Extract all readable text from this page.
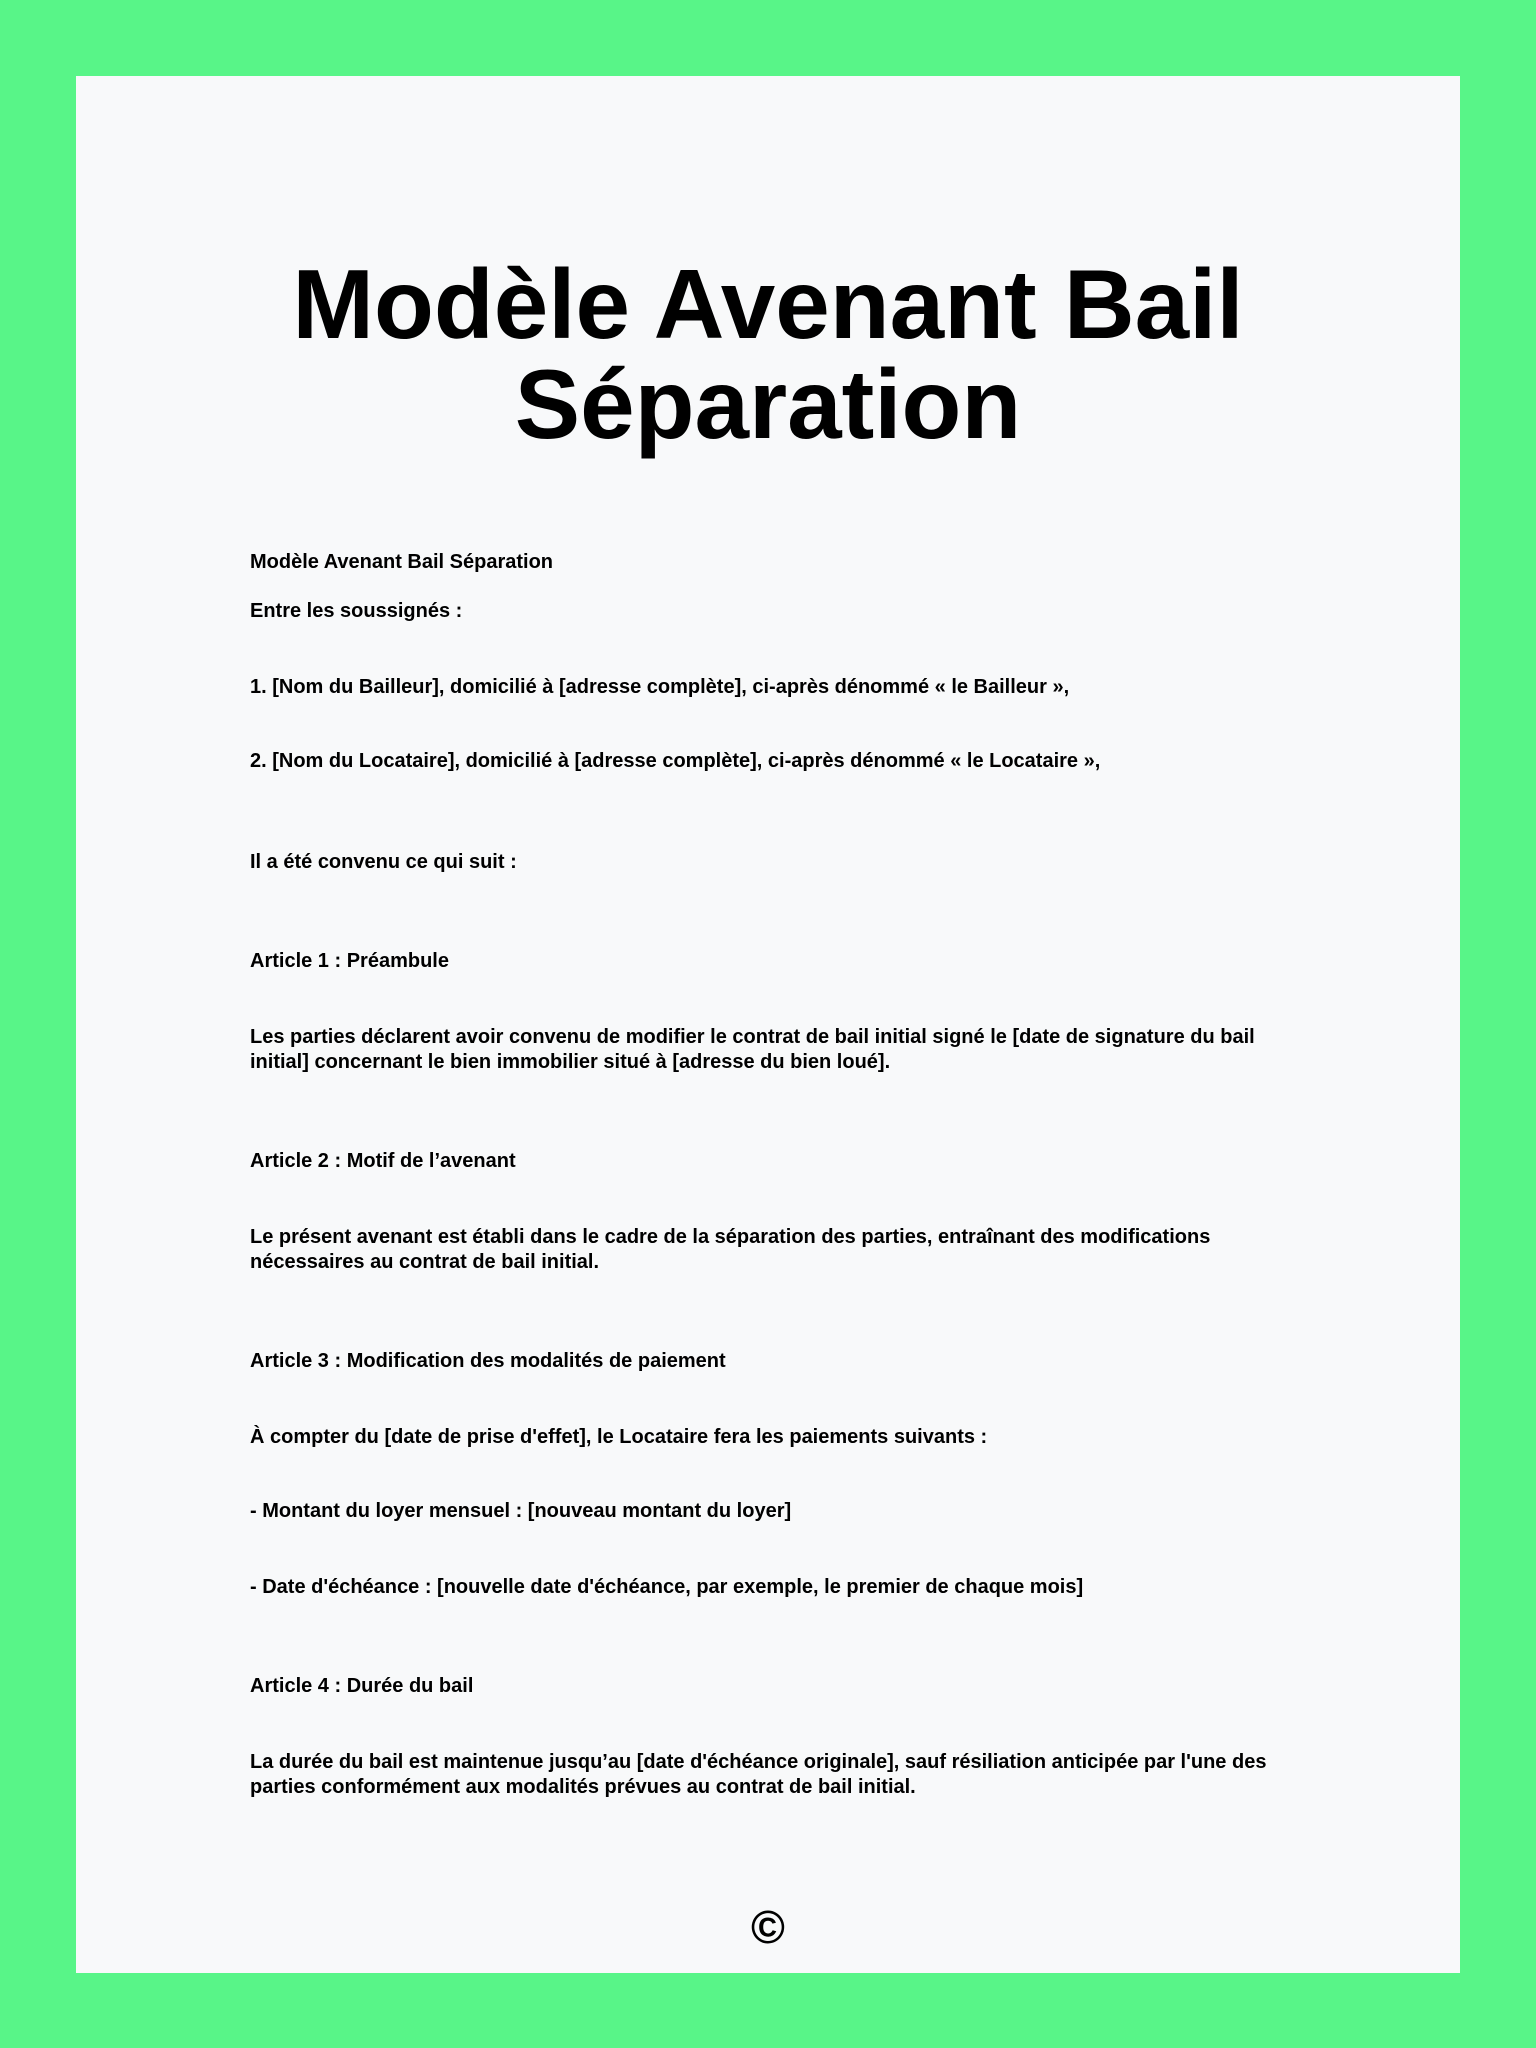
Modèle Avenant Bail
Séparation

Modèle Avenant Bail Séparation

Entre les soussignés :

1. [Nom du Bailleur], domicilié à [adresse complète], ci-après dénommé « le Bailleur »,

2. [Nom du Locataire], domicilié à [adresse complète], ci-après dénommé « le Locataire »,

Il a été convenu ce qui suit :

Article 1 : Préambule

Les parties déclarent avoir convenu de modifier le contrat de bail initial signé le [date de signature du bail initial] concernant le bien immobilier situé à [adresse du bien loué].

Article 2 : Motif de l’avenant

Le présent avenant est établi dans le cadre de la séparation des parties, entraînant des modifications nécessaires au contrat de bail initial.

Article 3 : Modification des modalités de paiement

À compter du [date de prise d'effet], le Locataire fera les paiements suivants :

- Montant du loyer mensuel : [nouveau montant du loyer]

- Date d'échéance : [nouvelle date d'échéance, par exemple, le premier de chaque mois]

Article 4 : Durée du bail

La durée du bail est maintenue jusqu’au [date d'échéance originale], sauf résiliation anticipée par l'une des parties conformément aux modalités prévues au contrat de bail initial.

©
